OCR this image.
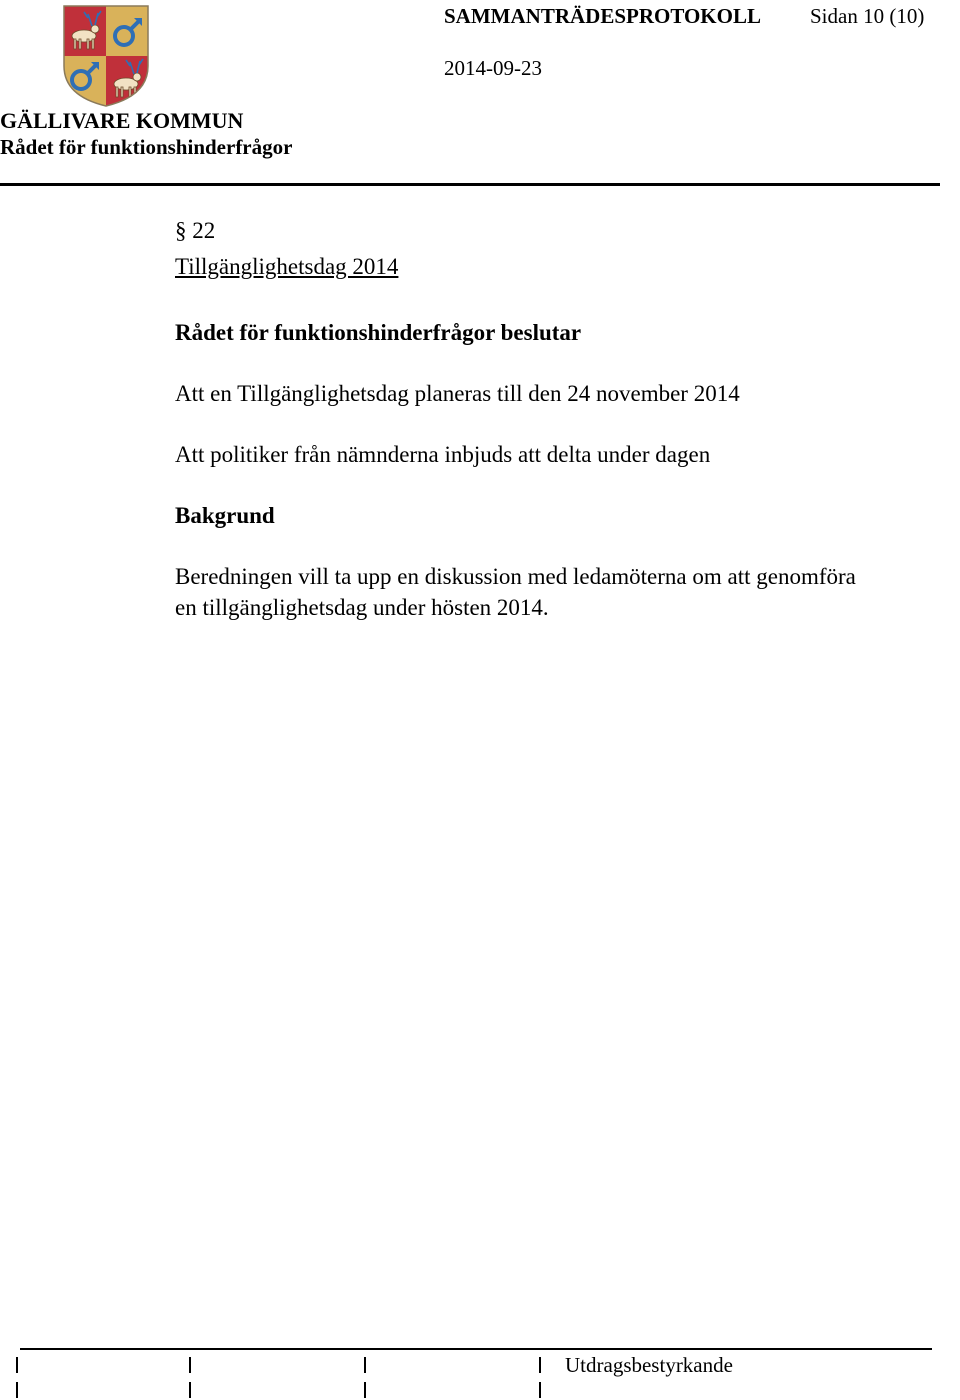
SAMMANTRÄDESPROTOKOLL Sidan 10 (10)
2014-09-23
GÄLLIVARE KOMMUN
Rådet för funktionshinderfrågor
§ 22
Tillgänglighetsdag 2014
Rådet för funktionshinderfrågor beslutar
Att en Tillgänglighetsdag planeras till den 24 november 2014
Att politiker från nämnderna inbjuds att delta under dagen
Bakgrund
Beredningen vill ta upp en diskussion med ledamöterna om att genomföra
en tillgänglighetsdag under hösten 2014.
Utdragsbestyrkande
